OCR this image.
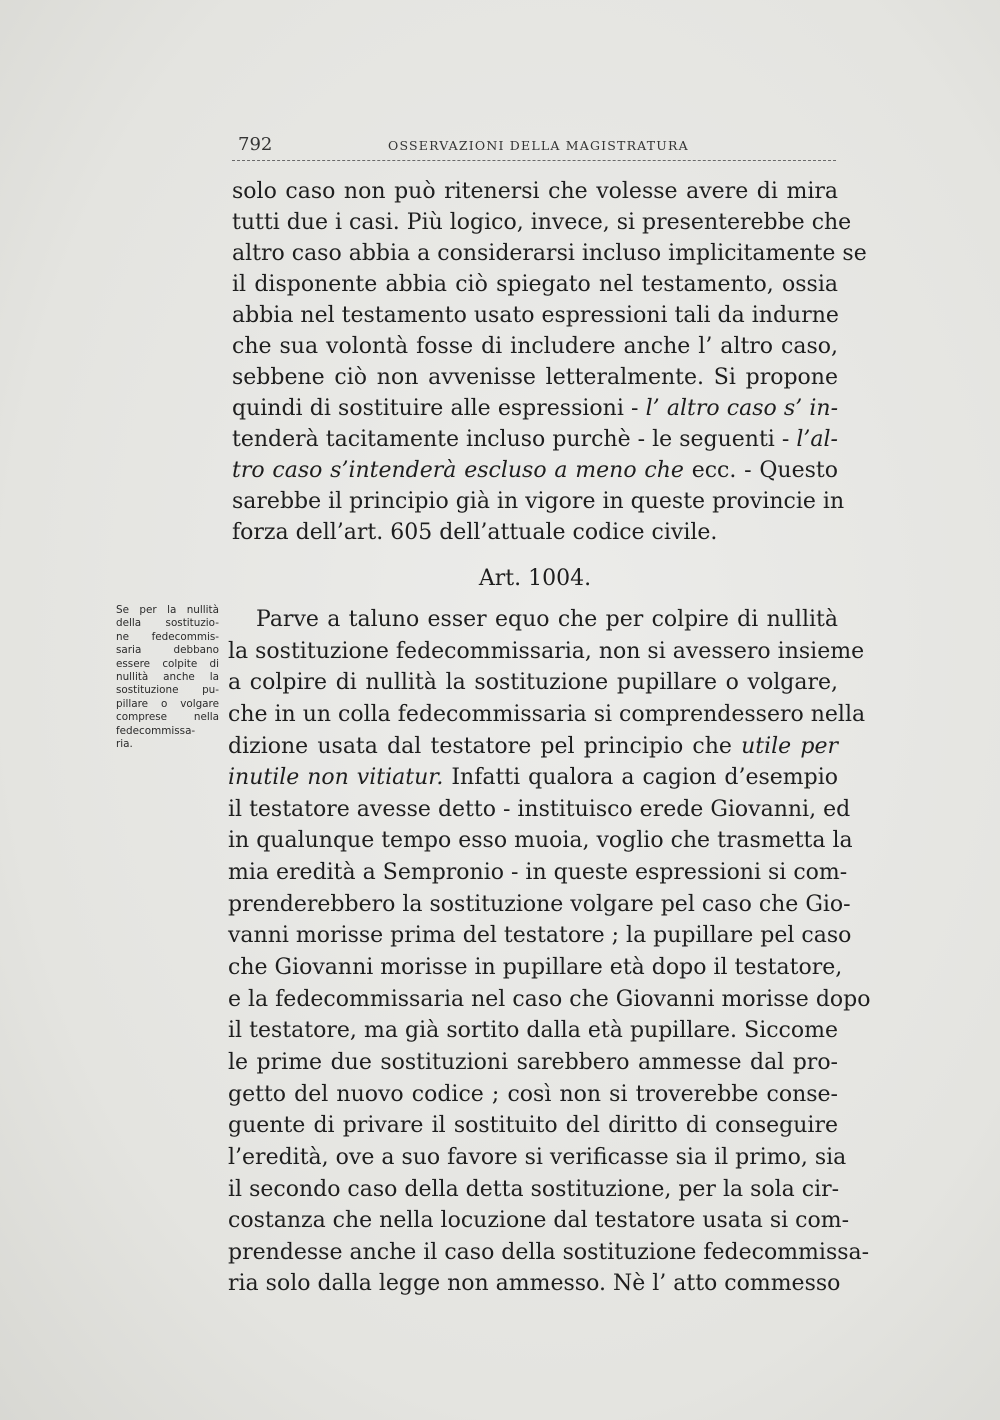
792	OSSERVAZIONI DELLA MAGISTRATURA
solo caso non può ritenersi che volesse avere di mira
tutti due i casi. Più logico, invece, si presenterebbe che
altro caso abbia a considerarsi incluso implicitamente se
il disponente abbia ciò spiegato nel testamento, ossia
abbia nel testamento usato espressioni tali da indurne
che sua volontà fosse di includere anche l’ altro caso,
sebbene ciò non avvenisse letteralmente. Si propone
quindi di sostituire alle espressioni - l’ altro caso s’ in-
tenderà tacitamente incluso purchè - le seguenti - l’al-
tro caso s’intenderà escluso a meno che ecc. - Questo
sarebbe il principio già in vigore in queste provincie in
forza dell’art. 605 dell’attuale codice civile.
Art. 1004.
Se per la nullità
della sostituzio-
ne fedecommis-
saria debbano
essere colpite di
nullità anche la
sostituzione pu-
pillare o volgare
comprese nella
fedecommissa-
ria.
Parve a taluno esser equo che per colpire di nullità
la sostituzione fedecommissaria, non si avessero insieme
a colpire di nullità la sostituzione pupillare o volgare,
che in un colla fedecommissaria si comprendessero nella
dizione usata dal testatore pel principio che utile per
inutile non vitiatur. Infatti qualora a cagion d’esempio
il testatore avesse detto - instituisco erede Giovanni, ed
in qualunque tempo esso muoia, voglio che trasmetta la
mia eredità a Sempronio - in queste espressioni si com-
prenderebbero la sostituzione volgare pel caso che Gio-
vanni morisse prima del testatore ; la pupillare pel caso
che Giovanni morisse in pupillare età dopo il testatore,
e la fedecommissaria nel caso che Giovanni morisse dopo
il testatore, ma già sortito dalla età pupillare. Siccome
le prime due sostituzioni sarebbero ammesse dal pro-
getto del nuovo codice ; così non si troverebbe conse-
guente di privare il sostituito del diritto di conseguire
l’eredità, ove a suo favore si verificasse sia il primo, sia
il secondo caso della detta sostituzione, per la sola cir-
costanza che nella locuzione dal testatore usata si com-
prendesse anche il caso della sostituzione fedecommissa-
ria solo dalla legge non ammesso. Nè l’ atto commesso
